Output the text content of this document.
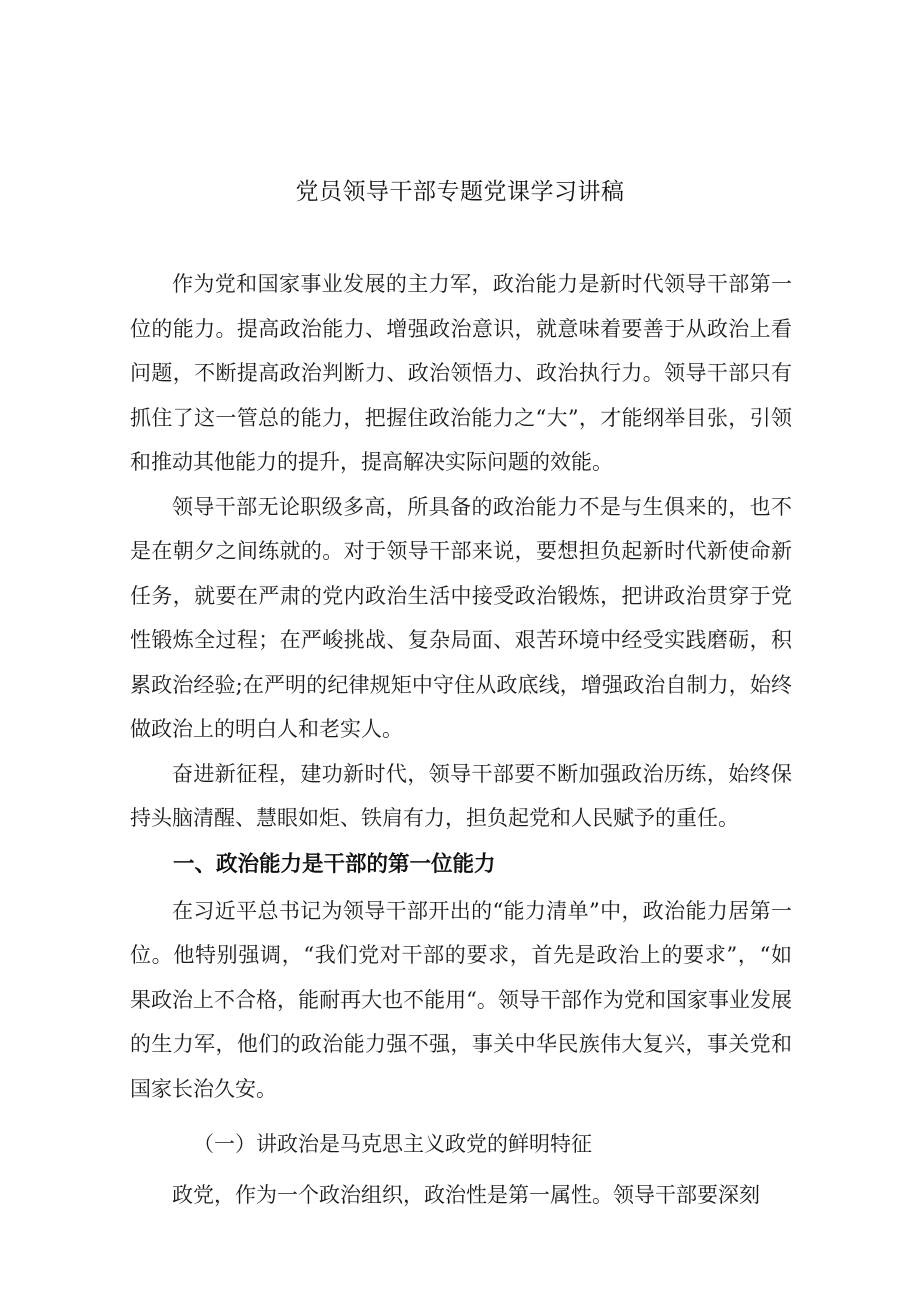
党员领导干部专题党课学习讲稿

作为党和国家事业发展的主力军，政治能力是新时代领导干部第一位的能力。提高政治能力、增强政治意识，就意味着要善于从政治上看问题，不断提高政治判断力、政治领悟力、政治执行力。领导干部只有抓住了这一管总的能力，把握住政治能力之“大”，才能纲举目张，引领和推动其他能力的提升，提高解决实际问题的效能。

领导干部无论职级多高，所具备的政治能力不是与生俱来的，也不是在朝夕之间练就的。对于领导干部来说，要想担负起新时代新使命新任务，就要在严肃的党内政治生活中接受政治锻炼，把讲政治贯穿于党性锻炼全过程；在严峻挑战、复杂局面、艰苦环境中经受实践磨砺，积累政治经验;在严明的纪律规矩中守住从政底线，增强政治自制力，始终做政治上的明白人和老实人。

奋进新征程，建功新时代，领导干部要不断加强政治历练，始终保持头脑清醒、慧眼如炬、铁肩有力，担负起党和人民赋予的重任。

一、政治能力是干部的第一位能力

在习近平总书记为领导干部开出的“能力清单”中，政治能力居第一位。他特别强调，“我们党对干部的要求，首先是政治上的要求”，“如果政治上不合格，能耐再大也不能用“。领导干部作为党和国家事业发展的生力军，他们的政治能力强不强，事关中华民族伟大复兴，事关党和国家长治久安。

（一）讲政治是马克思主义政党的鲜明特征

政党，作为一个政治组织，政治性是第一属性。领导干部要深刻
